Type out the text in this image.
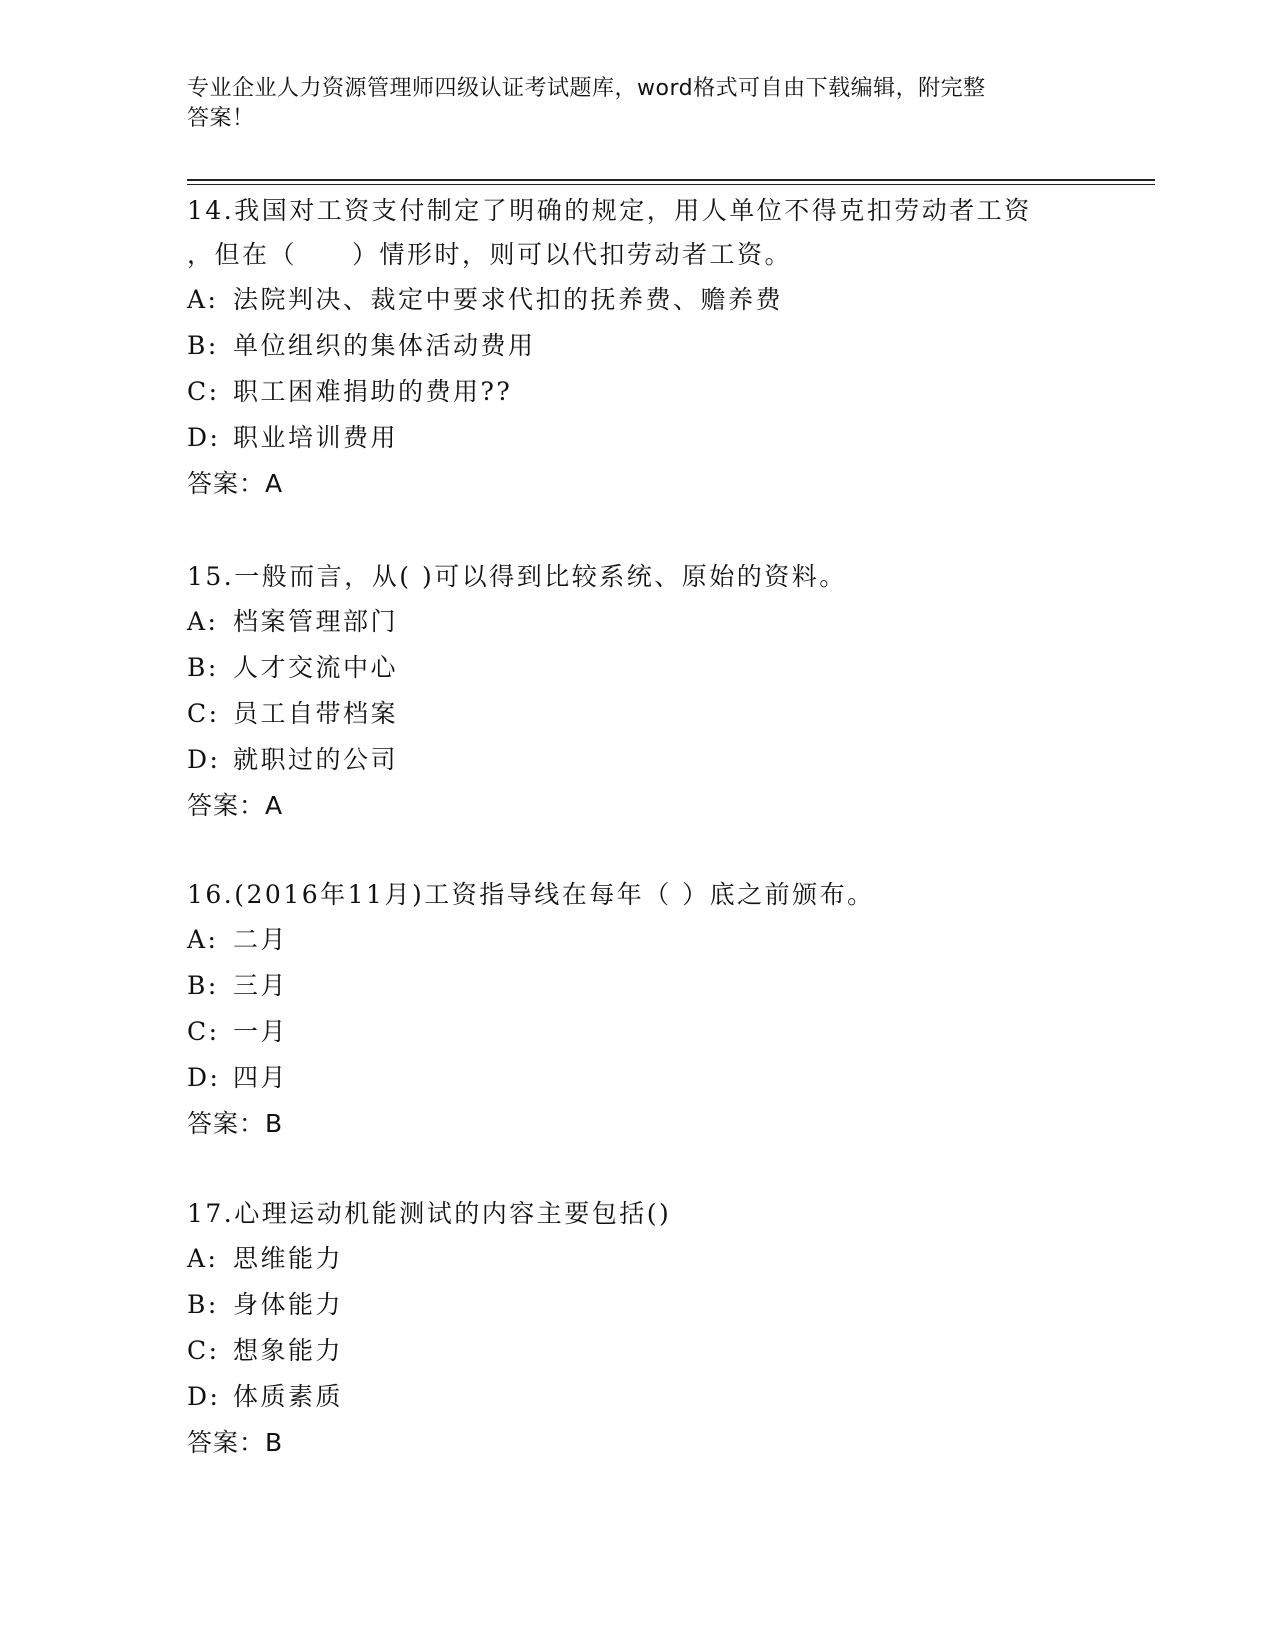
专业企业人力资源管理师四级认证考试题库，word格式可自由下载编辑，附完整
答案！
14.我国对工资支付制定了明确的规定，用人单位不得克扣劳动者工资
，但在（　　）情形时，则可以代扣劳动者工资。
A: 法院判决、裁定中要求代扣的抚养费、赡养费
B: 单位组织的集体活动费用
C: 职工困难捐助的费用??
D: 职业培训费用
答案：A
15.一般而言，从( )可以得到比较系统、原始的资料。
A: 档案管理部门
B: 人才交流中心
C: 员工自带档案
D: 就职过的公司
答案：A
16.(2016年11月)工资指导线在每年（ ）底之前颁布。
A: 二月
B: 三月
C: 一月
D: 四月
答案：B
17.心理运动机能测试的内容主要包括()
A: 思维能力
B: 身体能力
C: 想象能力
D: 体质素质
答案：B
